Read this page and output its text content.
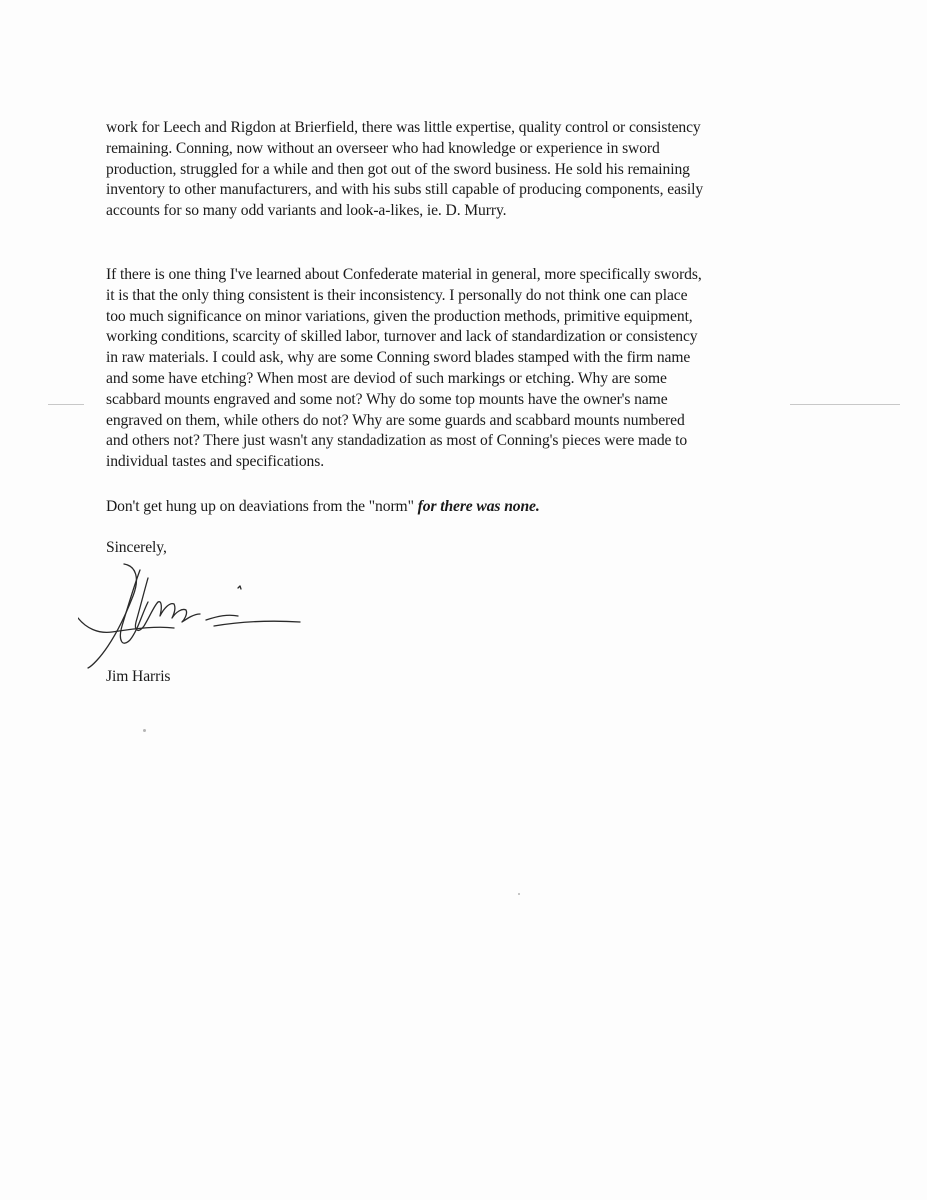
work for Leech and Rigdon at Brierfield, there was little expertise, quality control or consistency
remaining. Conning, now without an overseer who had knowledge or experience in sword
production, struggled for a while and then got out of the sword business. He sold his remaining
inventory to other manufacturers, and with his subs still capable of producing components, easily
accounts for so many odd variants and look-a-likes, ie. D. Murry.
If there is one thing I've learned about Confederate material in general, more specifically swords,
it is that the only thing consistent is their inconsistency. I personally do not think one can place
too much significance on minor variations, given the production methods, primitive equipment,
working conditions, scarcity of skilled labor, turnover and lack of standardization or consistency
in raw materials. I could ask, why are some Conning sword blades stamped with the firm name
and some have etching? When most are deviod of such markings or etching. Why are some
scabbard mounts engraved and some not? Why do some top mounts have the owner's name
engraved on them, while others do not? Why are some guards and scabbard mounts numbered
and others not? There just wasn't any standadization as most of Conning's pieces were made to
individual tastes and specifications.
Don't get hung up on deaviations from the "norm" for there was none.
Sincerely,
Jim Harris
